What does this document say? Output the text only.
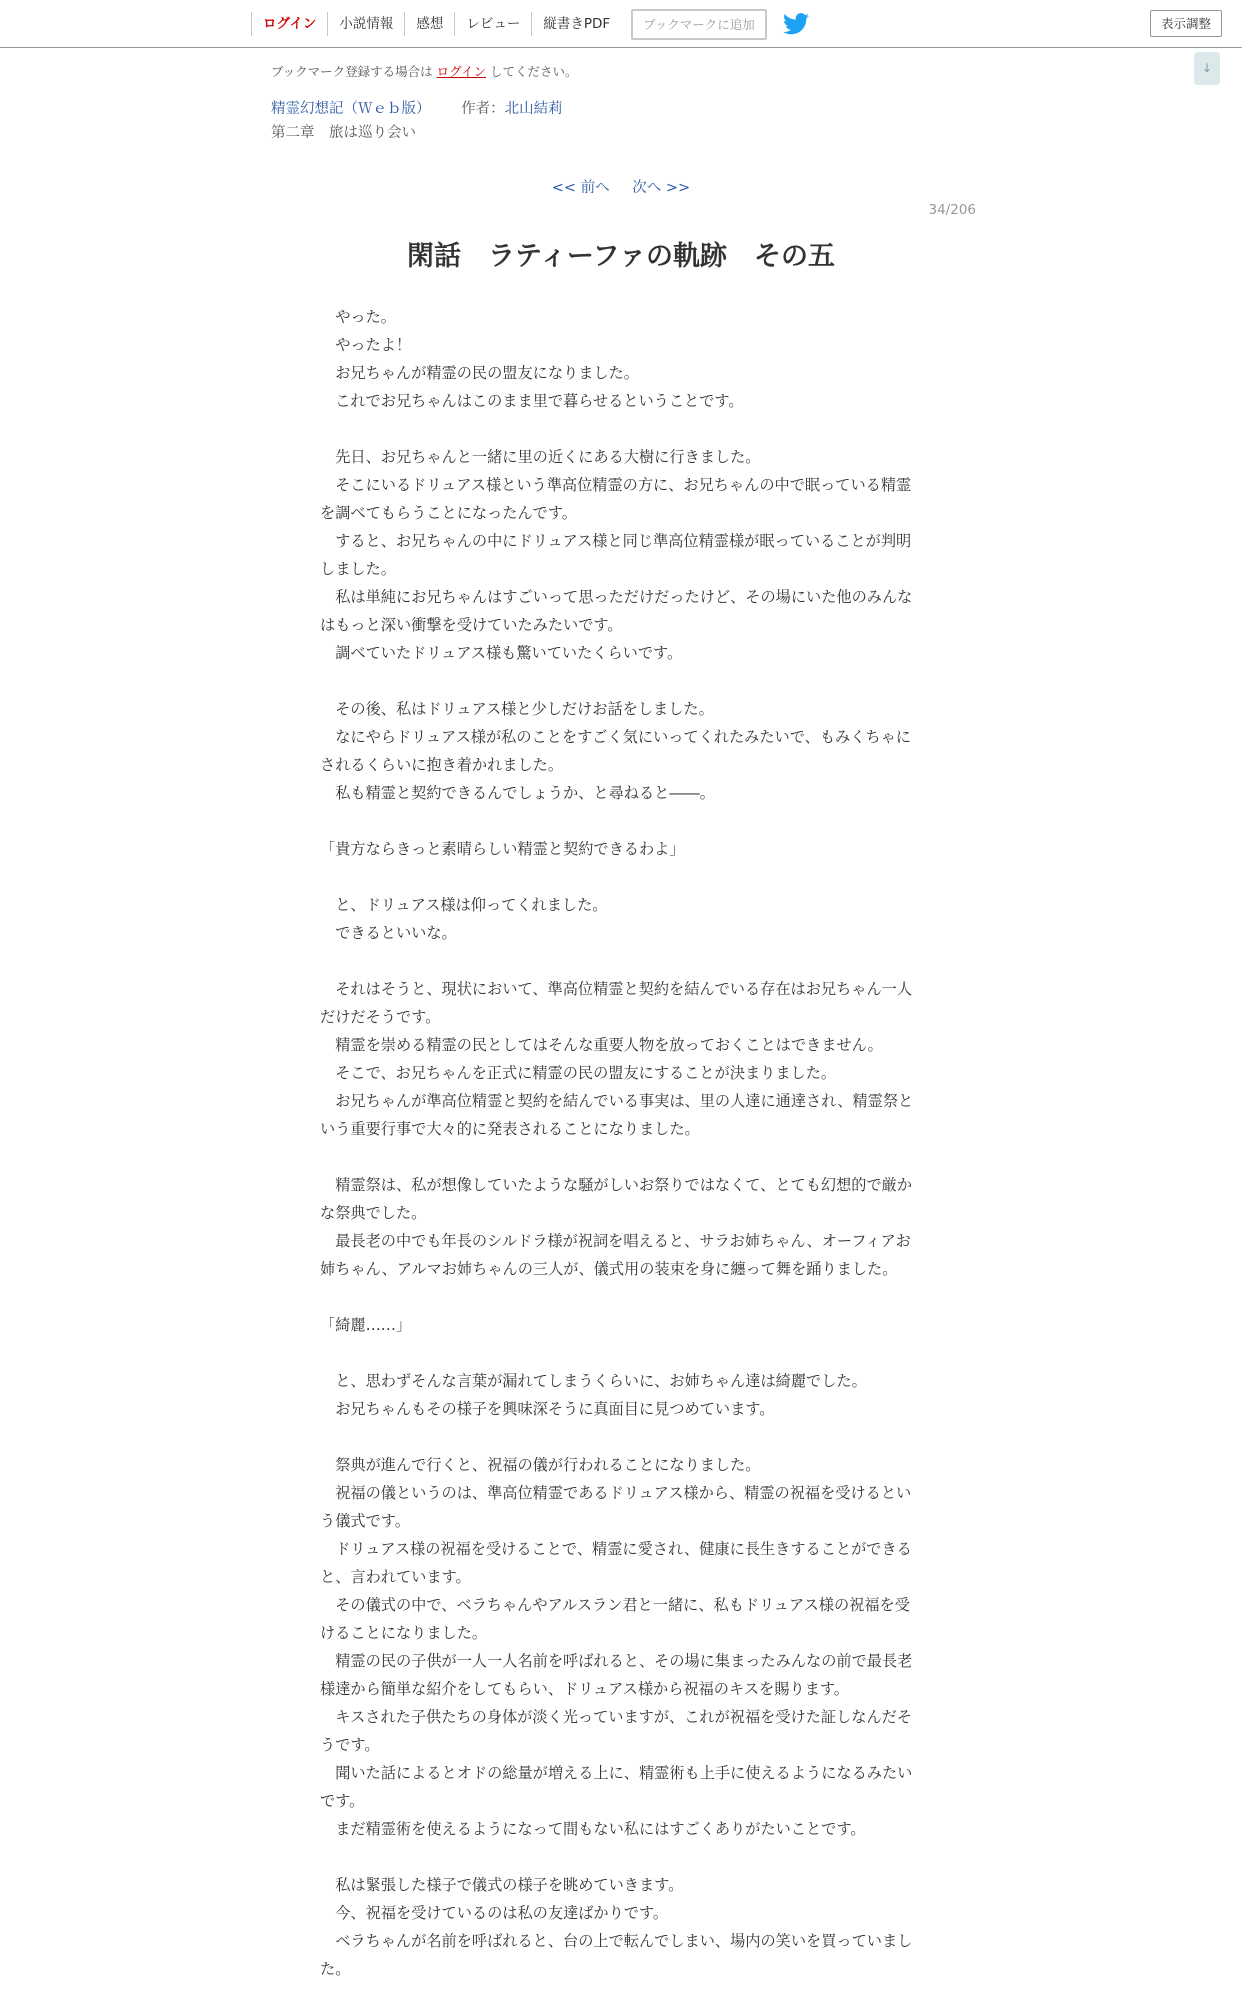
ログイン	小説情報	感想	レビュー	縦書きPDF	ブックマークに追加	表示調整
↓
ブックマーク登録する場合は ログイン してください。
精霊幻想記（Ｗｅｂ版） 作者：北山結莉
第二章　旅は巡り会い
<< 前へ 次へ >>
34/206
閑話　ラティーファの軌跡　その五

　やった。

　やったよ！

　お兄ちゃんが精霊の民の盟友になりました。

　これでお兄ちゃんはこのまま里で暮らせるということです。

　先日、お兄ちゃんと一緒に里の近くにある大樹に行きました。

　そこにいるドリュアス様という準高位精霊の方に、お兄ちゃんの中で眠っている精霊を調べてもらうことになったんです。

　すると、お兄ちゃんの中にドリュアス様と同じ準高位精霊様が眠っていることが判明しました。

　私は単純にお兄ちゃんはすごいって思っただけだったけど、その場にいた他のみんなはもっと深い衝撃を受けていたみたいです。

　調べていたドリュアス様も驚いていたくらいです。

　その後、私はドリュアス様と少しだけお話をしました。

　なにやらドリュアス様が私のことをすごく気にいってくれたみたいで、もみくちゃにされるくらいに抱き着かれました。

　私も精霊と契約できるんでしょうか、と尋ねると――。

「貴方ならきっと素晴らしい精霊と契約できるわよ」

　と、ドリュアス様は仰ってくれました。

　できるといいな。

　それはそうと、現状において、準高位精霊と契約を結んでいる存在はお兄ちゃん一人だけだそうです。

　精霊を崇める精霊の民としてはそんな重要人物を放っておくことはできません。

　そこで、お兄ちゃんを正式に精霊の民の盟友にすることが決まりました。

　お兄ちゃんが準高位精霊と契約を結んでいる事実は、里の人達に通達され、精霊祭という重要行事で大々的に発表されることになりました。

　精霊祭は、私が想像していたような騒がしいお祭りではなくて、とても幻想的で厳かな祭典でした。

　最長老の中でも年長のシルドラ様が祝詞を唱えると、サラお姉ちゃん、オーフィアお姉ちゃん、アルマお姉ちゃんの三人が、儀式用の装束を身に纏って舞を踊りました。

「綺麗……」

　と、思わずそんな言葉が漏れてしまうくらいに、お姉ちゃん達は綺麗でした。

　お兄ちゃんもその様子を興味深そうに真面目に見つめています。

　祭典が進んで行くと、祝福の儀が行われることになりました。

　祝福の儀というのは、準高位精霊であるドリュアス様から、精霊の祝福を受けるという儀式です。

　ドリュアス様の祝福を受けることで、精霊に愛され、健康に長生きすることができると、言われています。

　その儀式の中で、ベラちゃんやアルスラン君と一緒に、私もドリュアス様の祝福を受けることになりました。

　精霊の民の子供が一人一人名前を呼ばれると、その場に集まったみんなの前で最長老様達から簡単な紹介をしてもらい、ドリュアス様から祝福のキスを賜ります。

　キスされた子供たちの身体が淡く光っていますが、これが祝福を受けた証しなんだそうです。

　聞いた話によるとオドの総量が増える上に、精霊術も上手に使えるようになるみたいです。

　まだ精霊術を使えるようになって間もない私にはすごくありがたいことです。

　私は緊張した様子で儀式の様子を眺めていきます。

　今、祝福を受けているのは私の友達ばかりです。

　ベラちゃんが名前を呼ばれると、台の上で転んでしまい、場内の笑いを買っていました。
